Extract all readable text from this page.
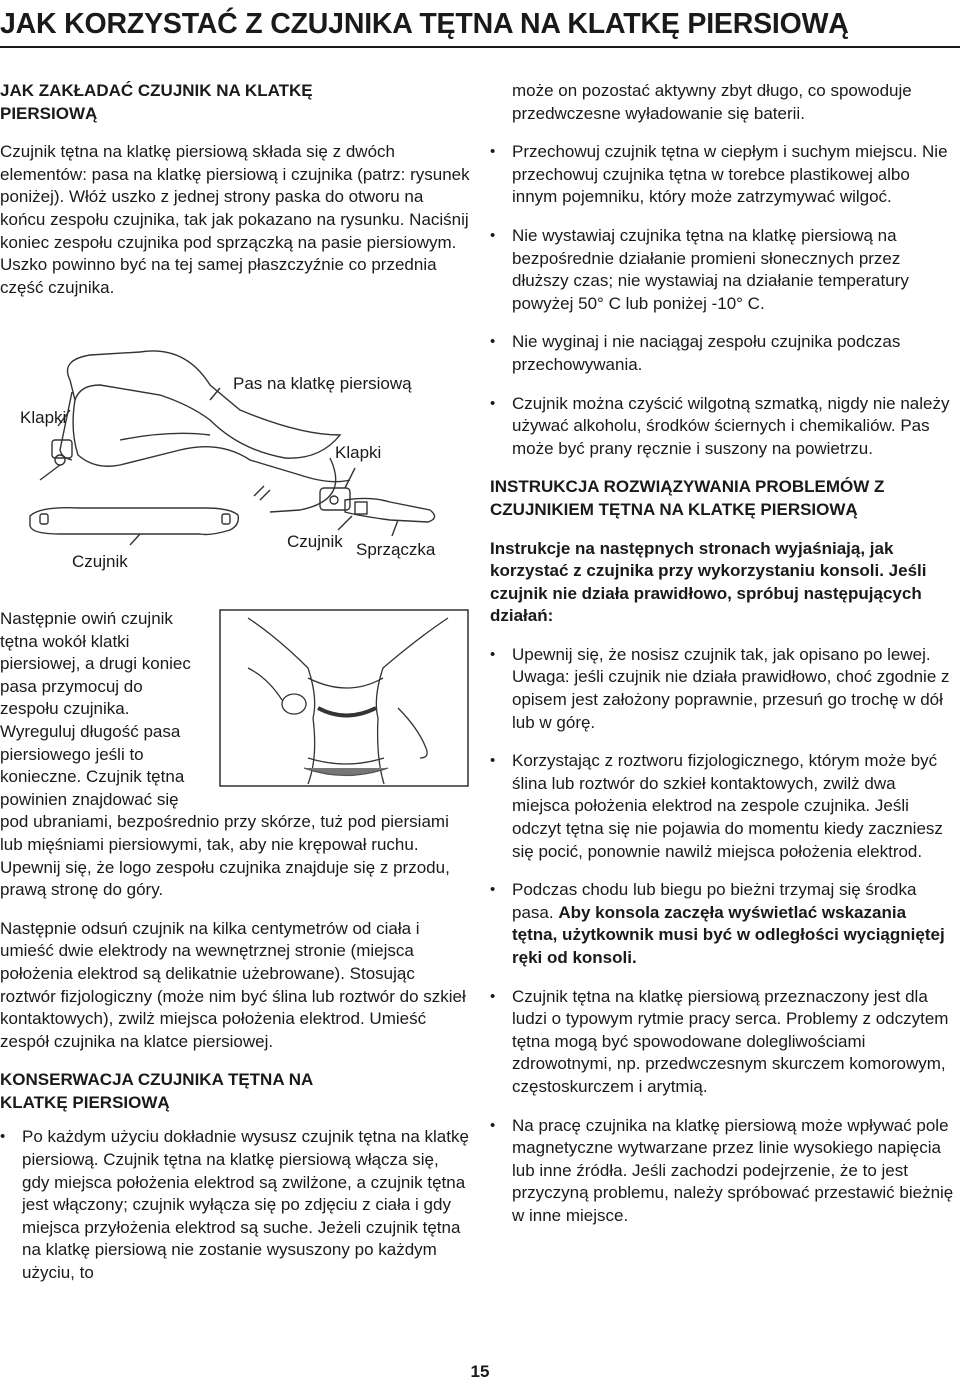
JAK KORZYSTAĆ Z CZUJNIKA TĘTNA NA KLATKĘ PIERSIOWĄ

JAK ZAKŁADAĆ CZUJNIK NA KLATKĘ PIERSIOWĄ

Czujnik tętna na klatkę piersiową składa się z dwóch elementów: pasa na klatkę piersiową i czujnika (patrz: rysunek poniżej). Włóż uszko z jednej strony paska do otworu na końcu zespołu czujnika, tak jak pokazano na rysunku. Naciśnij koniec zespołu czujnika pod sprzączką na pasie piersiowym. Uszko powinno być na tej samej płaszczyźnie co przednia część czujnika.

Klapki
Pas na klatkę piersiową
Klapki
Czujnik
Czujnik Sprzączka

Następnie owiń czujnik tętna wokół klatki piersiowej, a drugi koniec pasa przymocuj do zespołu czujnika. Wyreguluj długość pasa piersiowego jeśli to konieczne. Czujnik tętna powinien znajdować się pod ubraniami, bezpośrednio przy skórze, tuż pod piersiami lub mięśniami piersiowymi, tak, aby nie krępował ruchu. Upewnij się, że logo zespołu czujnika znajduje się z przodu, prawą stronę do góry.

Następnie odsuń czujnik na kilka centymetrów od ciała i umieść dwie elektrody na wewnętrznej stronie (miejsca położenia elektrod są delikatnie użebrowane). Stosując roztwór fizjologiczny (może nim być ślina lub roztwór do szkieł kontaktowych), zwilż miejsca położenia elektrod. Umieść zespół czujnika na klatce piersiowej.

KONSERWACJA CZUJNIKA TĘTNA NA KLATKĘ PIERSIOWĄ

• Po każdym użyciu dokładnie wysusz czujnik tętna na klatkę piersiową. Czujnik tętna na klatkę piersiową włącza się, gdy miejsca położenia elektrod są zwilżone, a czujnik tętna jest włączony; czujnik wyłącza się po zdjęciu z ciała i gdy miejsca przyłożenia elektrod są suche. Jeżeli czujnik tętna na klatkę piersiową nie zostanie wysuszony po każdym użyciu, to

może on pozostać aktywny zbyt długo, co spowoduje przedwczesne wyładowanie się baterii.

• Przechowuj czujnik tętna w ciepłym i suchym miejscu. Nie przechowuj czujnika tętna w torebce plastikowej albo innym pojemniku, który może zatrzymywać wilgoć.
• Nie wystawiaj czujnika tętna na klatkę piersiową na bezpośrednie działanie promieni słonecznych przez dłuższy czas; nie wystawiaj na działanie temperatury powyżej 50° C lub poniżej -10° C.
• Nie wyginaj i nie naciągaj zespołu czujnika podczas przechowywania.
• Czujnik można czyścić wilgotną szmatką, nigdy nie należy używać alkoholu, środków ściernych i chemikaliów. Pas może być prany ręcznie i suszony na powietrzu.

INSTRUKCJA ROZWIĄZYWANIA PROBLEMÓW Z CZUJNIKIEM TĘTNA NA KLATKĘ PIERSIOWĄ

Instrukcje na następnych stronach wyjaśniają, jak korzystać z czujnika przy wykorzystaniu konsoli. Jeśli czujnik nie działa prawidłowo, spróbuj następujących działań:

• Upewnij się, że nosisz czujnik tak, jak opisano po lewej. Uwaga: jeśli czujnik nie działa prawidłowo, choć zgodnie z opisem jest założony poprawnie, przesuń go trochę w dół lub w górę.
• Korzystając z roztworu fizjologicznego, którym może być ślina lub roztwór do szkieł kontaktowych, zwilż dwa miejsca położenia elektrod na zespole czujnika. Jeśli odczyt tętna się nie pojawia do momentu kiedy zaczniesz się pocić, ponownie nawilż miejsca położenia elektrod.
• Podczas chodu lub biegu po bieżni trzymaj się środka pasa. Aby konsola zaczęła wyświetlać wskazania tętna, użytkownik musi być w odległości wyciągniętej ręki od konsoli.
• Czujnik tętna na klatkę piersiową przeznaczony jest dla ludzi o typowym rytmie pracy serca. Problemy z odczytem tętna mogą być spowodowane dolegliwościami zdrowotnymi, np. przedwczesnym skurczem komorowym, częstoskurczem i arytmią.
• Na pracę czujnika na klatkę piersiową może wpływać pole magnetyczne wytwarzane przez linie wysokiego napięcia lub inne źródła. Jeśli zachodzi podejrzenie, że to jest przyczyną problemu, należy spróbować przestawić bieżnię w inne miejsce.
15
